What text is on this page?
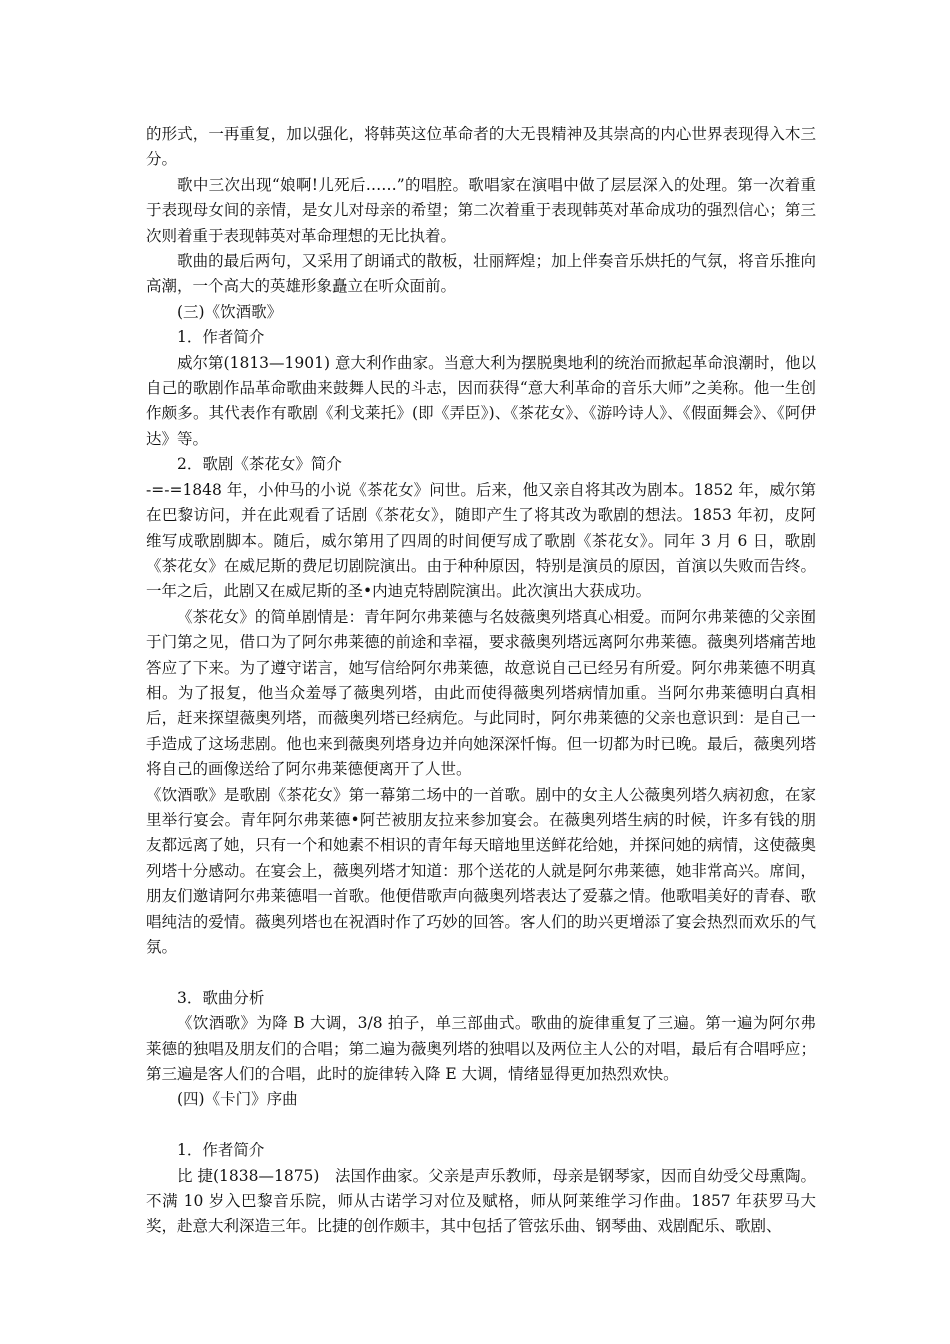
的形式，一再重复，加以强化，将韩英这位革命者的大无畏精神及其崇高的内心世界表现得入木三分。

歌中三次出现“娘啊!儿死后……”的唱腔。歌唱家在演唱中做了层层深入的处理。第一次着重于表现母女间的亲情，是女儿对母亲的希望；第二次着重于表现韩英对革命成功的强烈信心；第三次则着重于表现韩英对革命理想的无比执着。

歌曲的最后两句，又采用了朗诵式的散板，壮丽辉煌；加上伴奏音乐烘托的气氛，将音乐推向高潮，一个高大的英雄形象矗立在听众面前。

(三)《饮酒歌》

1．作者简介

威尔第(1813—1901) 意大利作曲家。当意大利为摆脱奥地利的统治而掀起革命浪潮时，他以自己的歌剧作品革命歌曲来鼓舞人民的斗志，因而获得“意大利革命的音乐大师”之美称。他一生创作颇多。其代表作有歌剧《利戈莱托》(即《弄臣》)、《茶花女》、《游吟诗人》、《假面舞会》、《阿伊达》等。

2．歌剧《茶花女》简介

-=-=1848 年，小仲马的小说《茶花女》问世。后来，他又亲自将其改为剧本。1852 年，威尔第在巴黎访问，并在此观看了话剧《茶花女》，随即产生了将其改为歌剧的想法。1853 年初，皮阿维写成歌剧脚本。随后，威尔第用了四周的时间便写成了歌剧《茶花女》。同年 3 月 6 日，歌剧《茶花女》在威尼斯的费尼切剧院演出。由于种种原因，特别是演员的原因，首演以失败而告终。一年之后，此剧又在威尼斯的圣•内迪克特剧院演出。此次演出大获成功。

《茶花女》的简单剧情是：青年阿尔弗莱德与名妓薇奥列塔真心相爱。而阿尔弗莱德的父亲囿于门第之见，借口为了阿尔弗莱德的前途和幸福，要求薇奥列塔远离阿尔弗莱德。薇奥列塔痛苦地答应了下来。为了遵守诺言，她写信给阿尔弗莱德，故意说自己已经另有所爱。阿尔弗莱德不明真相。为了报复，他当众羞辱了薇奥列塔，由此而使得薇奥列塔病情加重。当阿尔弗莱德明白真相后，赶来探望薇奥列塔，而薇奥列塔已经病危。与此同时，阿尔弗莱德的父亲也意识到：是自己一手造成了这场悲剧。他也来到薇奥列塔身边并向她深深忏悔。但一切都为时已晚。最后，薇奥列塔将自己的画像送给了阿尔弗莱德便离开了人世。

《饮酒歌》是歌剧《茶花女》第一幕第二场中的一首歌。剧中的女主人公薇奥列塔久病初愈，在家里举行宴会。青年阿尔弗莱德•阿芒被朋友拉来参加宴会。在薇奥列塔生病的时候，许多有钱的朋友都远离了她，只有一个和她素不相识的青年每天暗地里送鲜花给她，并探问她的病情，这使薇奥列塔十分感动。在宴会上，薇奥列塔才知道：那个送花的人就是阿尔弗莱德，她非常高兴。席间，朋友们邀请阿尔弗莱德唱一首歌。他便借歌声向薇奥列塔表达了爱慕之情。他歌唱美好的青春、歌唱纯洁的爱情。薇奥列塔也在祝酒时作了巧妙的回答。客人们的助兴更增添了宴会热烈而欢乐的气氛。

3．歌曲分析

《饮酒歌》为降 B 大调，3/8 拍子，单三部曲式。歌曲的旋律重复了三遍。第一遍为阿尔弗莱德的独唱及朋友们的合唱；第二遍为薇奥列塔的独唱以及两位主人公的对唱，最后有合唱呼应；第三遍是客人们的合唱，此时的旋律转入降 E 大调，情绪显得更加热烈欢快。

(四)《卡门》序曲

1．作者简介

比 捷(1838—1875)　法国作曲家。父亲是声乐教师，母亲是钢琴家，因而自幼受父母熏陶。不满 10 岁入巴黎音乐院，师从古诺学习对位及赋格，师从阿莱维学习作曲。1857 年获罗马大奖，赴意大利深造三年。比捷的创作颇丰，其中包括了管弦乐曲、钢琴曲、戏剧配乐、歌剧、
